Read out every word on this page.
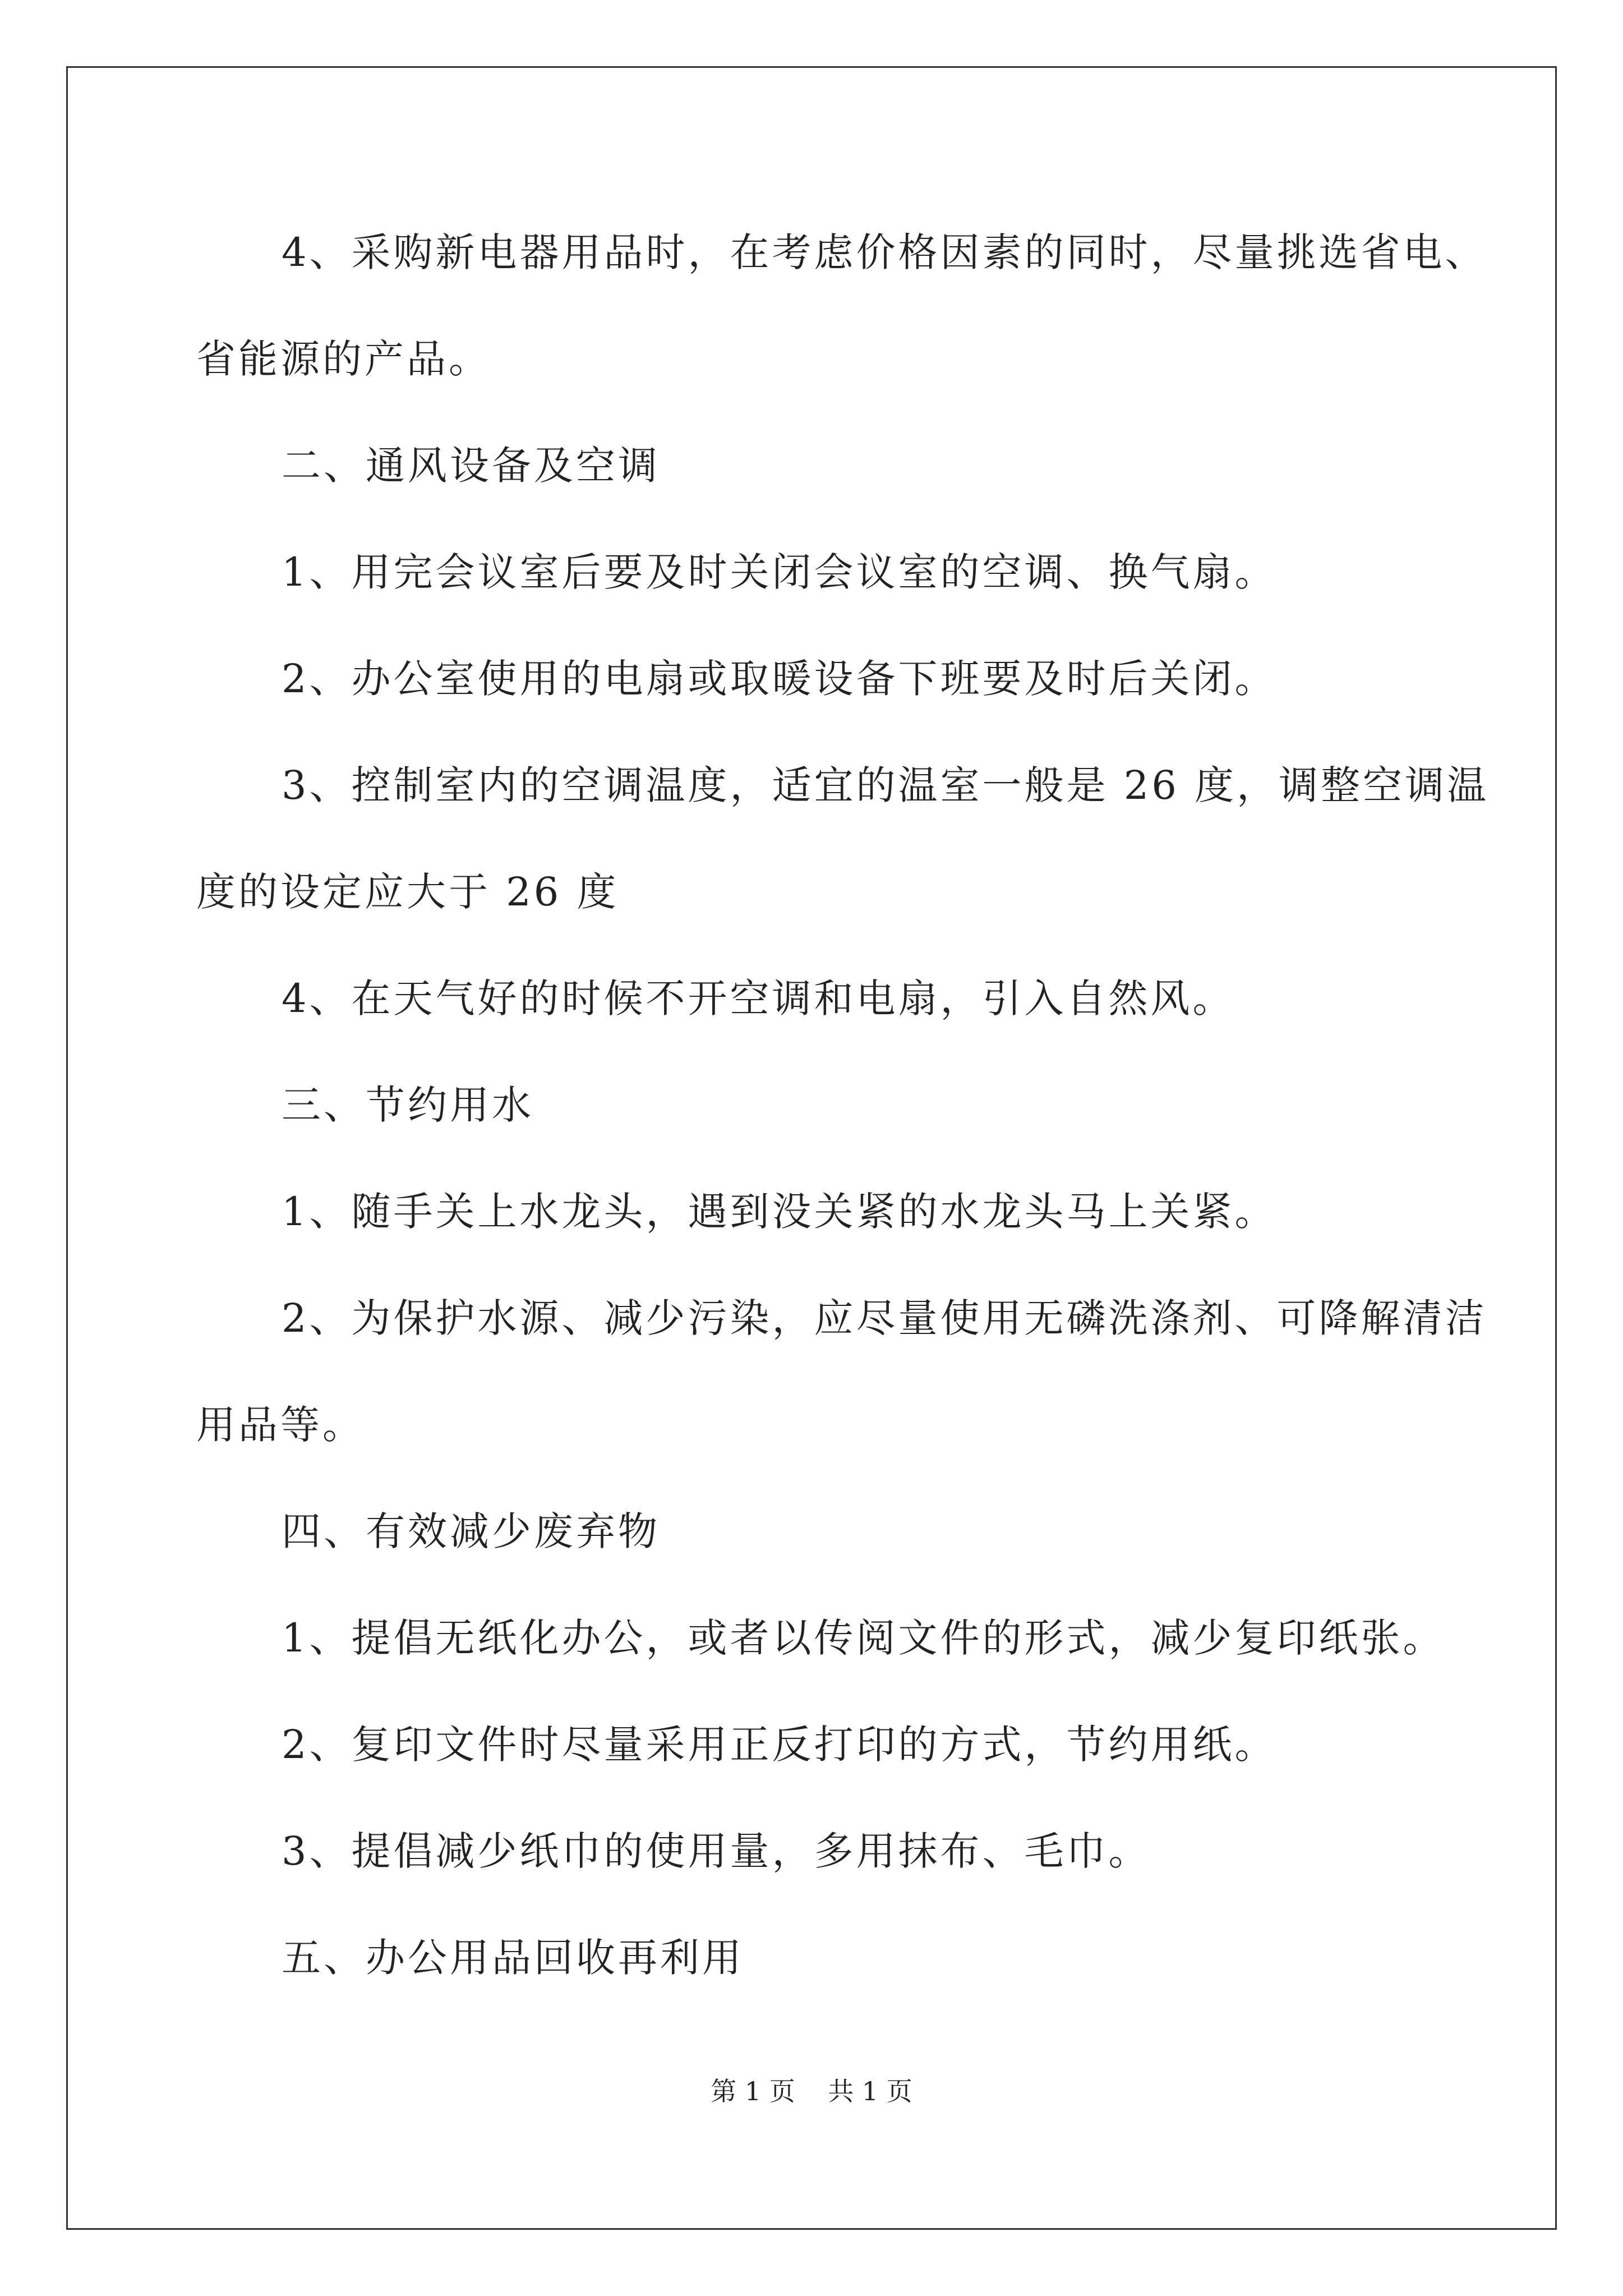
4、采购新电器用品时，在考虑价格因素的同时，尽量挑选省电、
省能源的产品。
二、通风设备及空调
1、用完会议室后要及时关闭会议室的空调、换气扇。
2、办公室使用的电扇或取暖设备下班要及时后关闭。
3、控制室内的空调温度，适宜的温室一般是 26 度，调整空调温
度的设定应大于 26 度
4、在天气好的时候不开空调和电扇，引入自然风。
三、节约用水
1、随手关上水龙头，遇到没关紧的水龙头马上关紧。
2、为保护水源、减少污染，应尽量使用无磷洗涤剂、可降解清洁
用品等。
四、有效减少废弃物
1、提倡无纸化办公，或者以传阅文件的形式，减少复印纸张。
2、复印文件时尽量采用正反打印的方式，节约用纸。
3、提倡减少纸巾的使用量，多用抹布、毛巾。
五、办公用品回收再利用
第 1 页    共 1 页
